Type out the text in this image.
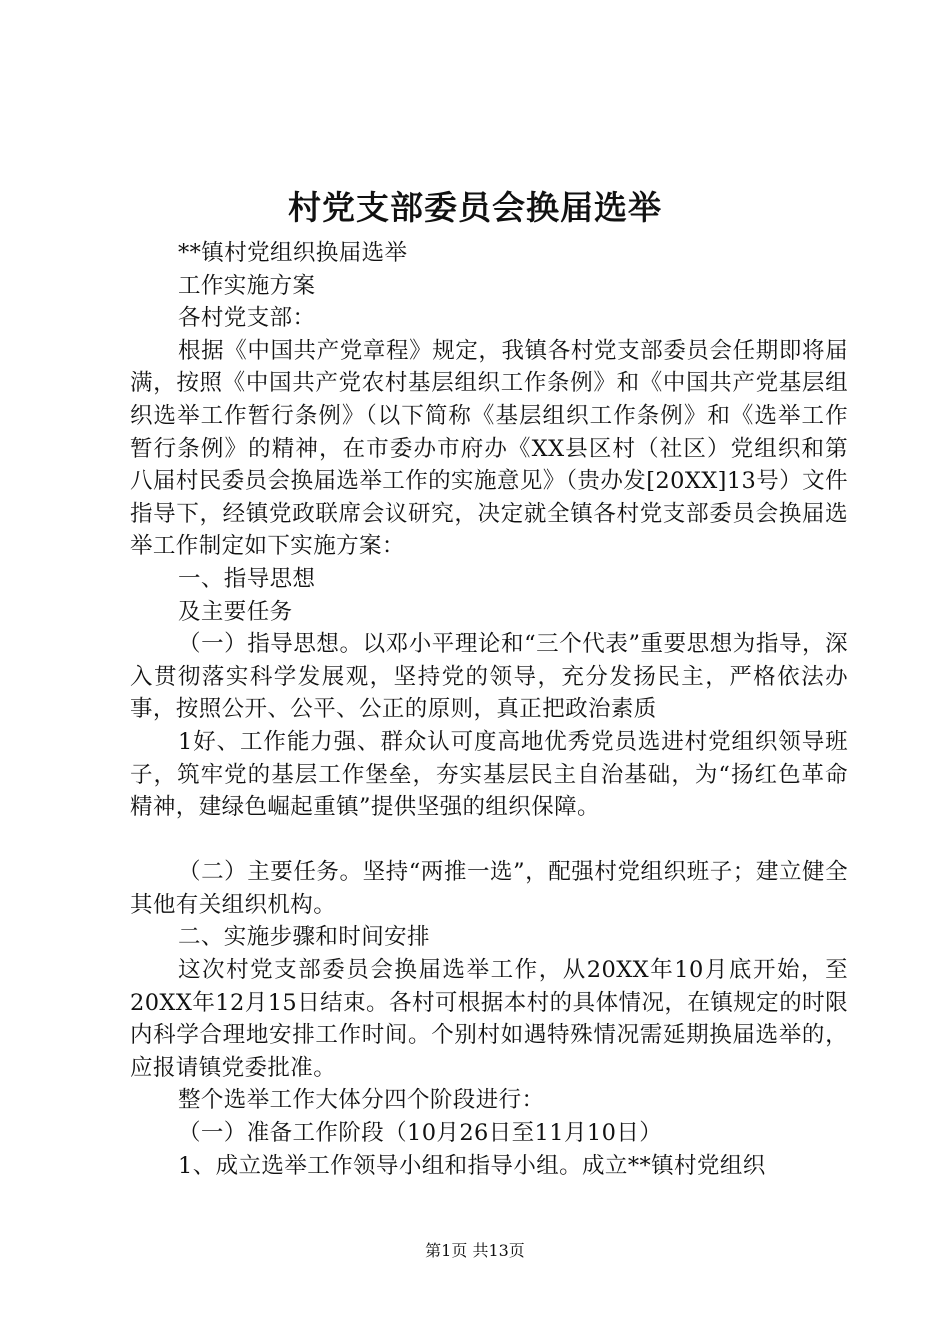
村党支部委员会换届选举

**镇村党组织换届选举

工作实施方案

各村党支部：

根据《中国共产党章程》规定，我镇各村党支部委员会任期即将届满，按照《中国共产党农村基层组织工作条例》和《中国共产党基层组织选举工作暂行条例》（以下简称《基层组织工作条例》和《选举工作暂行条例》的精神，在市委办市府办《XX县区村（社区）党组织和第八届村民委员会换届选举工作的实施意见》（贵办发[20XX]13号）文件指导下，经镇党政联席会议研究，决定就全镇各村党支部委员会换届选举工作制定如下实施方案：

一、指导思想

及主要任务

（一）指导思想。以邓小平理论和“三个代表”重要思想为指导，深入贯彻落实科学发展观，坚持党的领导，充分发扬民主，严格依法办事，按照公开、公平、公正的原则，真正把政治素质

1好、工作能力强、群众认可度高地优秀党员选进村党组织领导班子，筑牢党的基层工作堡垒，夯实基层民主自治基础，为“扬红色革命精神，建绿色崛起重镇”提供坚强的组织保障。

（二）主要任务。坚持“两推一选”，配强村党组织班子；建立健全其他有关组织机构。

二、实施步骤和时间安排

这次村党支部委员会换届选举工作，从20XX年10月底开始，至20XX年12月15日结束。各村可根据本村的具体情况，在镇规定的时限内科学合理地安排工作时间。个别村如遇特殊情况需延期换届选举的，应报请镇党委批准。

整个选举工作大体分四个阶段进行：

（一）准备工作阶段（10月26日至11月10日）

1、成立选举工作领导小组和指导小组。成立**镇村党组织

第1页 共13页
